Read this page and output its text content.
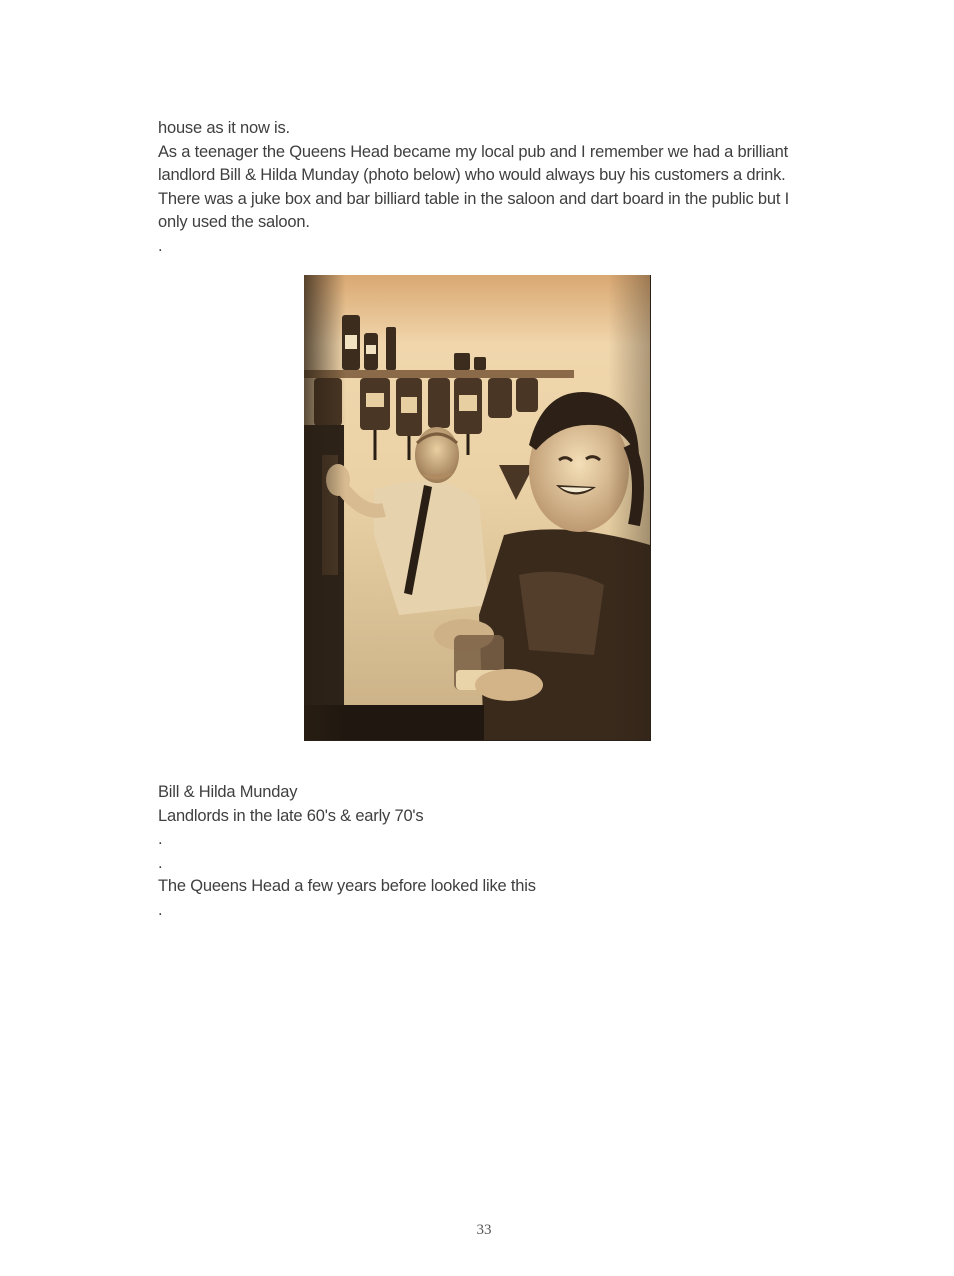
house as it now is.

As a teenager the Queens Head became my local pub and I remember we had a brilliant

landlord Bill & Hilda Munday (photo below) who would always buy his customers a drink.

There was a juke box and bar billiard table in the saloon and dart board in the public but I

only used the saloon.

.

Bill & Hilda Munday

Landlords in the late 60's & early 70's

.

.

The Queens Head a few years before looked like this

.

33
